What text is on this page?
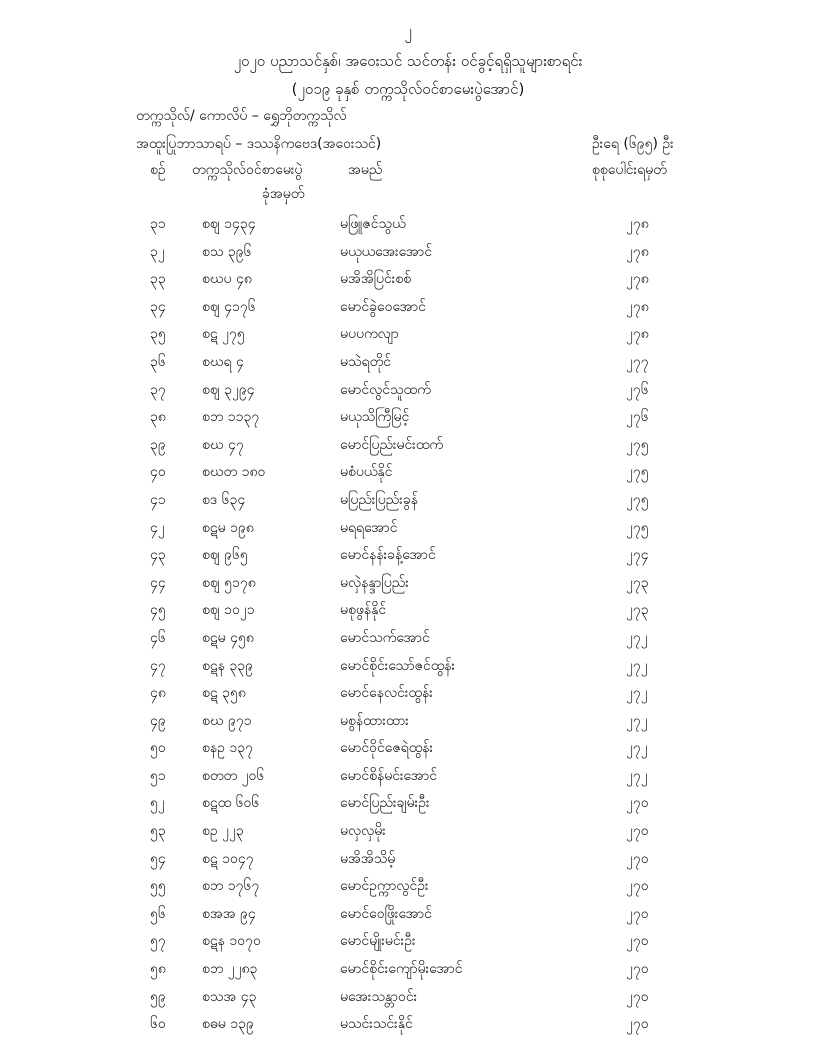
၂
၂၀၂၀ ပညာသင်နှစ်၊ အဝေးသင် သင်တန်း ဝင်ခွင့်ရရှိသူများစာရင်း
(၂၀၁၉ ခုနှစ် တက္ကသိုလ်ဝင်စာမေးပွဲအောင်)
တက္ကသိုလ်/ ကောလိပ် – ရွှေဘိုတက္ကသိုလ်
အထူးပြုဘာသာရပ် – ဒဿနိကဗေဒ(အဝေးသင်)	ဦးရေ (၆၉၅) ဦး
စဉ် တက္ကသိုလ်ဝင်စာမေးပွဲ
ခုံအမှတ်
အမည်	စုစုပေါင်းရမှတ်
၃၁	စဈ ၁၄၃၄	မဖြူဇင်သွယ်	၂၇၈
၃၂	စသ ၃၉၆	မယုယအေးအောင်	၂၇၈
၃၃	စဃပ ၄၈	မအိအိပြင်းစစ်	၂၇၈
၃၄	စဈ ၄၁၇၆	မောင်ခွဲဝေအောင်	၂၇၈
၃၅	စဋ ၂၇၅	မပပကလျာ	၂၇၈
၃၆	စဃရ ၄	မသဲရတိုင်	၂၇၇
၃၇	စဈ ၃၂၉၄	မောင်လွင်သူထက်	၂၇၆
၃၈	စဘ ၁၁၃၇	မယုသိကြီမြင့်	၂၇၆
၃၉	စဃ ၄၇	မောင်ပြည်းမင်းထက်	၂၇၅
၄၀	စဃတ ၁၈၀	မစံပယ်နိုင်	၂၇၅
၄၁	စဒ ၆၃၄	မပြည်းပြည်းခွန်	၂၇၅
၄၂	စဋမ ၁၉၈	မရရအောင်	၂၇၅
၄၃	စဈ ၉၆၅	မောင်နန်းခန့်အောင်	၂၇၄
၄၄	စဈ ၅၁၇၈	မလှဲနန္ဒာပြည်း	၂၇၃
၄၅	စဈ ၁၀၂၁	မစုဖွန်နိုင်	၂၇၃
၄၆	စဋမ ၄၅၈	မောင်သက်အောင်	၂၇၂
၄၇	စဋန ၃၃၉	မောင်စိုင်းသော်ဇင်ထွန်း	၂၇၂
၄၈	စဋ ၃၅၈	မောင်နေလင်းထွန်း	၂၇၂
၄၉	စဃ ၉၇၁	မစွန်ထားထား	၂၇၂
၅၀	စနဥ ၁၃၇	မောင်ဝိုင်ဇေရဲထွန်း	၂၇၂
၅၁	စတတ ၂၀၆	မောင်စိန်မင်းအောင်	၂၇၂
၅၂	စဋထ ၆၀၆	မောင်ပြည်းချမ်းဦး	၂၇၀
၅၃	စဥ ၂၂၃	မလှလှမိုး	၂၇၀
၅၄	စဋ ၁၀၄၇	မအိအိသိမ့်	၂၇၀
၅၅	စဘ ၁၇၆၇	မောင်ဥက္ကာလွင်ဦး	၂၇၀
၅၆	စအအ ၉၄	မောင်ဝေဖြိုးအောင်	၂၇၀
၅၇	စဋန ၁၀၇၀	မောင်မျိုးမင်းဦး	၂၇၀
၅၈	စဘ ၂၂၈၃	မောင်စိုင်းကျော်မိုးအောင်	၂၇၀
၅၉	စသအ ၄၃	မအေးသန္တာဝင်း	၂၇၀
၆၀	စဓမ ၁၃၉	မသင်းသင်းနိုင်	၂၇၀
